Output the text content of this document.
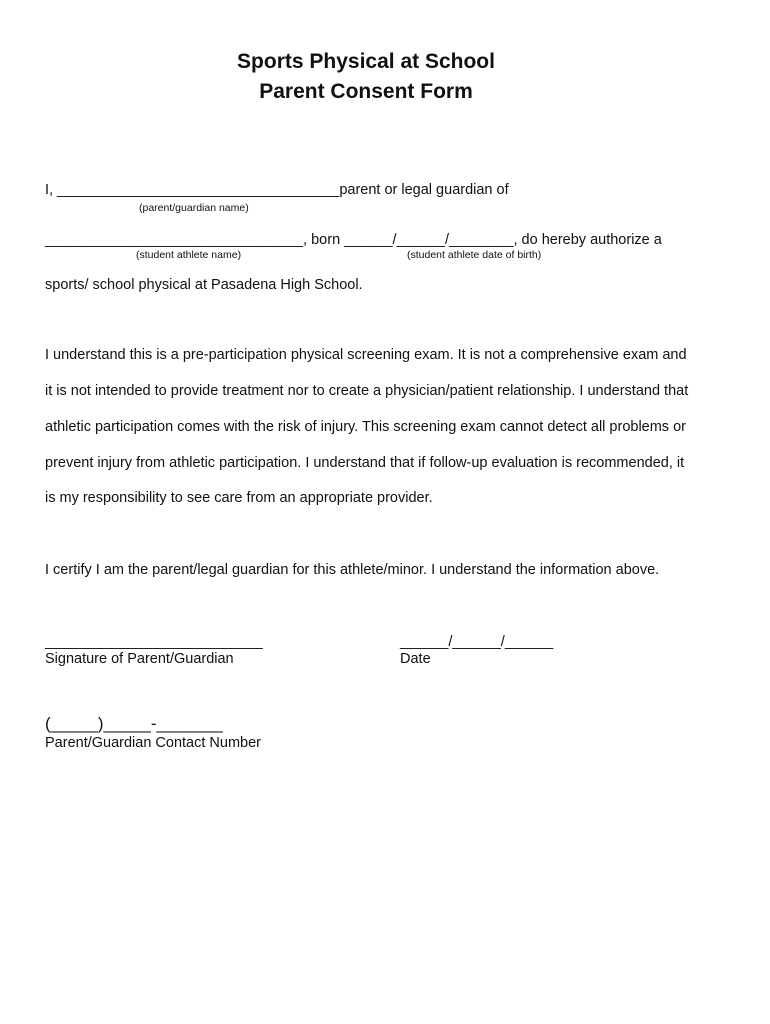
Sports Physical at School
Parent Consent Form
I, ___________________________________parent or legal guardian of
(parent/guardian name)
________________________________, born ______/______/________, do hereby authorize a
(student athlete name)	(student athlete date of birth)
sports/ school physical at Pasadena High School.
I understand this is a pre-participation physical screening exam. It is not a comprehensive exam and
it is not intended to provide treatment nor to create a physician/patient relationship. I understand that
athletic participation comes with the risk of injury. This screening exam cannot detect all problems or
prevent injury from athletic participation. I understand that if follow-up evaluation is recommended, it
is my responsibility to see care from an appropriate provider.
I certify I am the parent/legal guardian for this athlete/minor. I understand the information above.
___________________________
Signature of Parent/Guardian
______/______/______
Date
(_____)_____-_______
Parent/Guardian Contact Number
